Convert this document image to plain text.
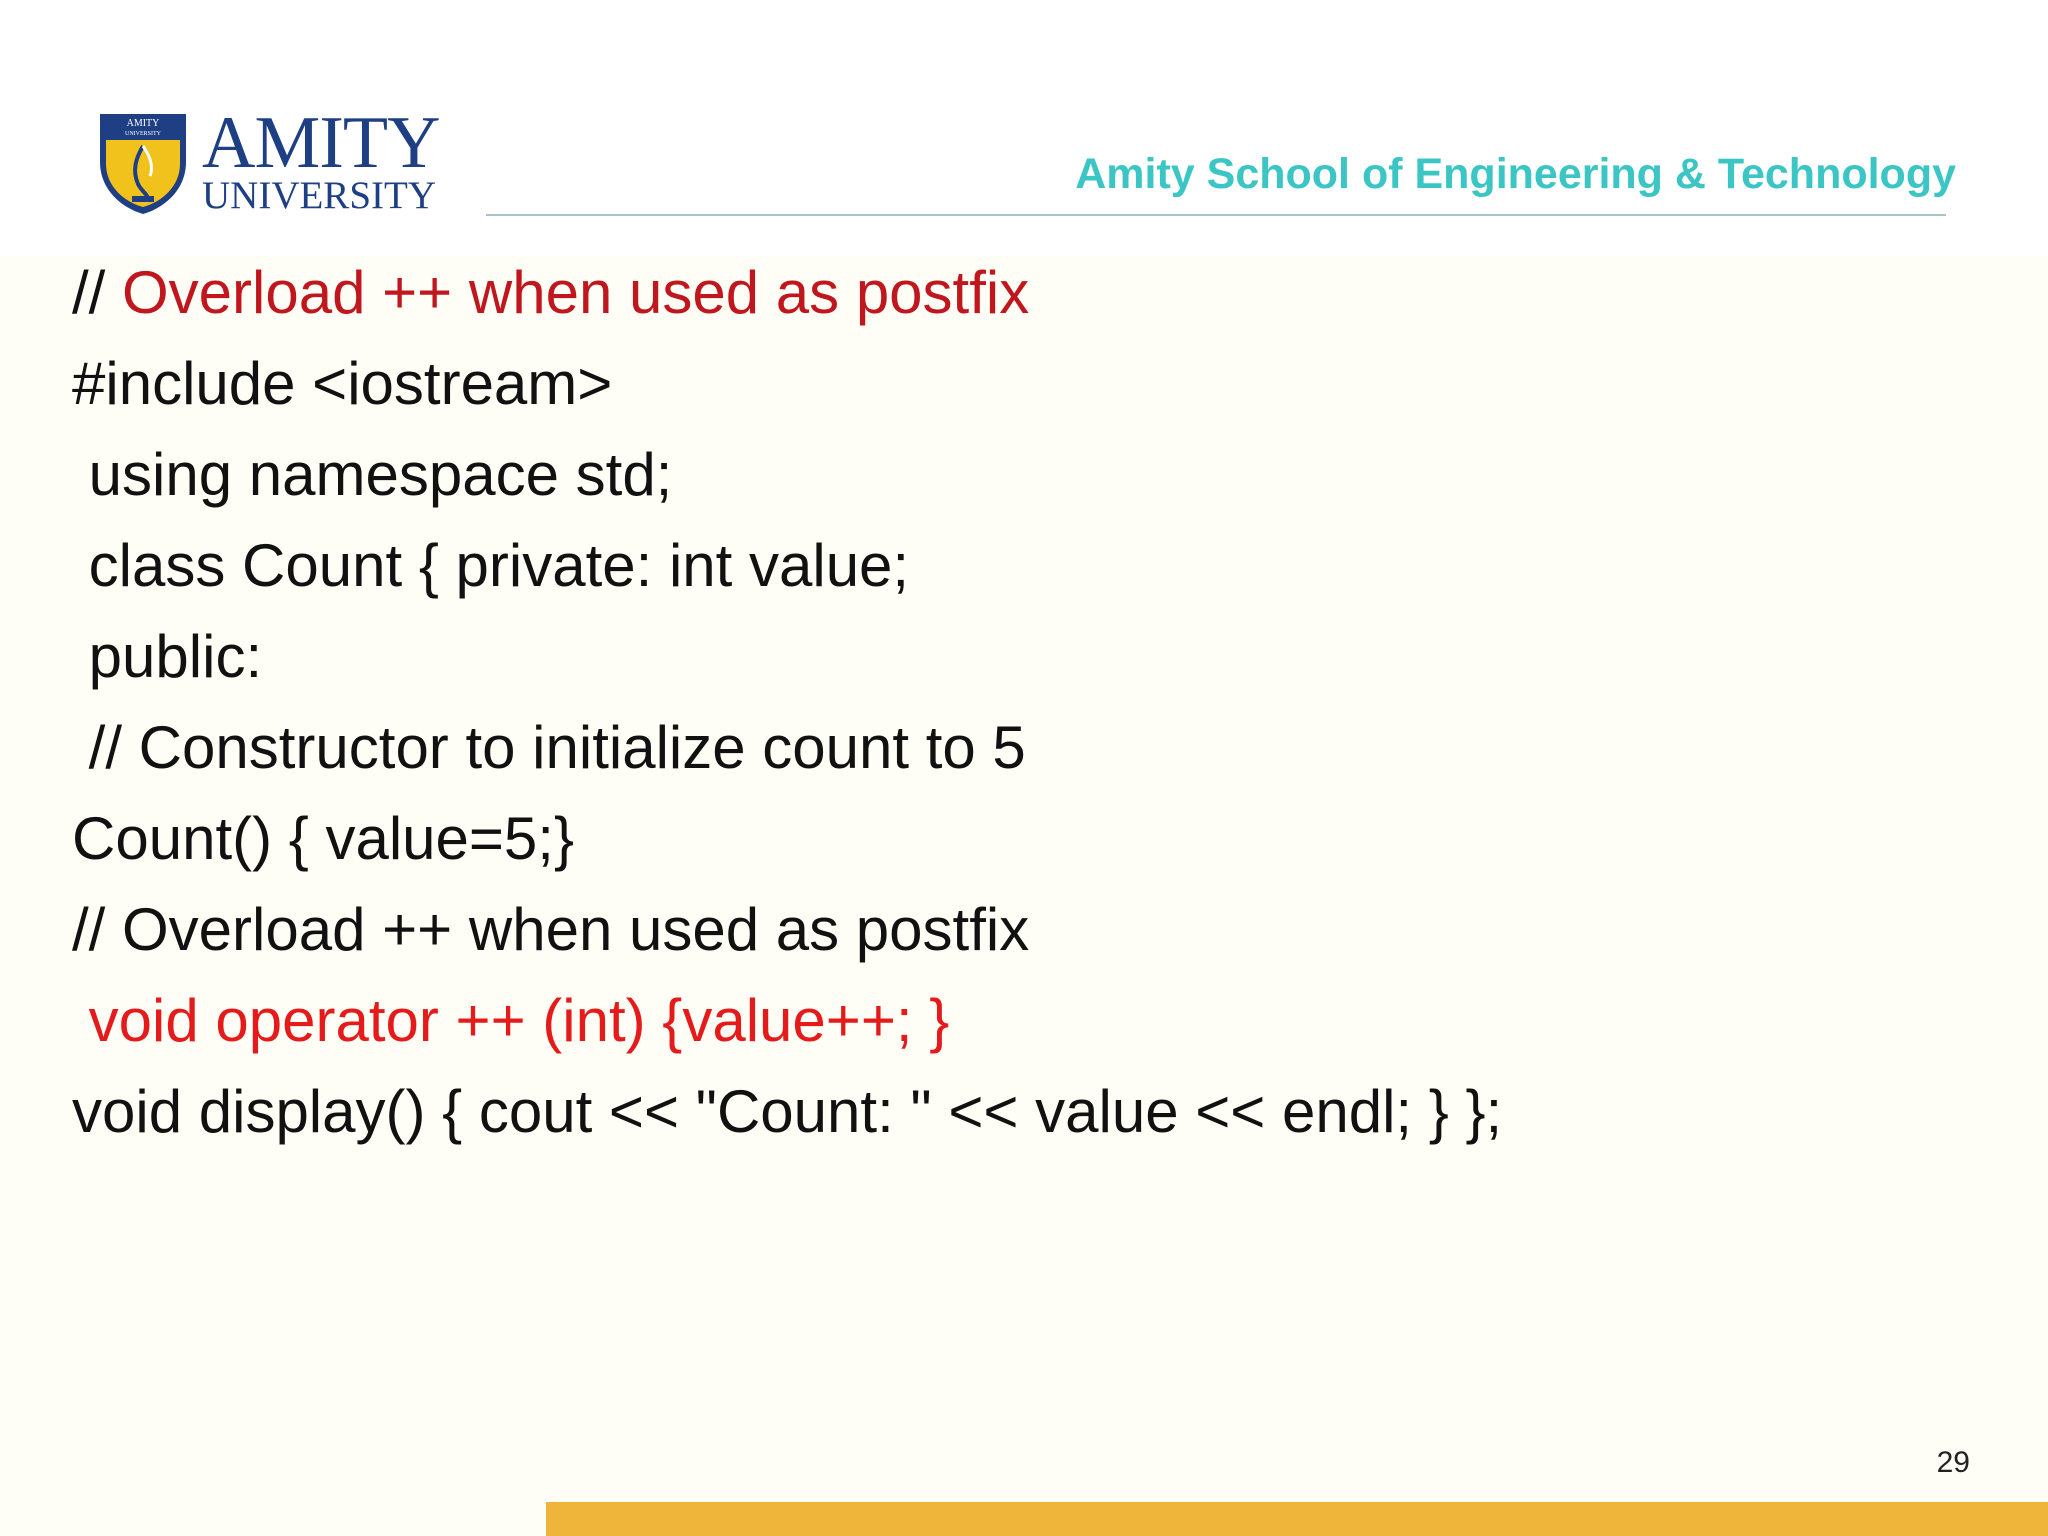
AMITY
UNIVERSITY AMITY
UNIVERSITY	Amity School of Engineering & Technology
// Overload ++ when used as postfix
#include <iostream>
using namespace std;
class Count { private: int value;
public:
// Constructor to initialize count to 5
Count() { value=5;}
// Overload ++ when used as postfix
void operator ++ (int) {value++; }
void display() { cout << "Count: " << value << endl; } };
29
